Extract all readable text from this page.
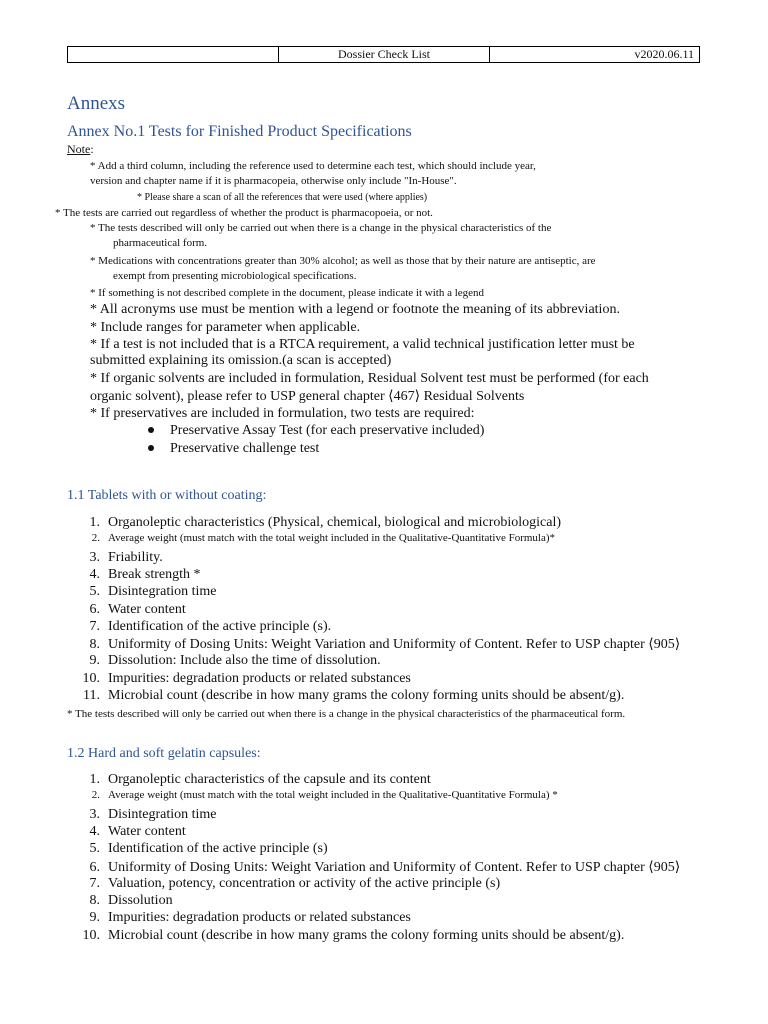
	Dossier Check List	v2020.06.11
Annexs
Annex No.1 Tests for Finished Product Specifications
Note:
* Add a third column, including the reference used to determine each test, which should include year,
version and chapter name if it is pharmacopeia, otherwise only include "In-House".
* Please share a scan of all the references that were used (where applies)
* The tests are carried out regardless of whether the product is pharmacopoeia, or not.
* The tests described will only be carried out when there is a change in the physical characteristics of the
pharmaceutical form.
* Medications with concentrations greater than 30% alcohol; as well as those that by their nature are antiseptic, are
exempt from presenting microbiological specifications.
* If something is not described complete in the document, please indicate it with a legend
* All acronyms use must be mention with a legend or footnote the meaning of its abbreviation.
* Include ranges for parameter when applicable.
* If a test is not included that is a RTCA requirement, a valid technical justification letter must be
submitted explaining its omission.(a scan is accepted)
* If organic solvents are included in formulation, Residual Solvent test must be performed (for each
organic solvent), please refer to USP general chapter ⟨467⟩ Residual Solvents
* If preservatives are included in formulation, two tests are required:
Preservative Assay Test (for each preservative included)
Preservative challenge test
1.1 Tablets with or without coating:
1. Organoleptic characteristics (Physical, chemical, biological and microbiological)
2. Average weight (must match with the total weight included in the Qualitative-Quantitative Formula)*
3. Friability.
4. Break strength *
5. Disintegration time
6. Water content
7. Identification of the active principle (s).
8. Uniformity of Dosing Units: Weight Variation and Uniformity of Content. Refer to USP chapter ⟨905⟩
9. Dissolution: Include also the time of dissolution.
10. Impurities: degradation products or related substances
11. Microbial count (describe in how many grams the colony forming units should be absent/g).
* The tests described will only be carried out when there is a change in the physical characteristics of the pharmaceutical form.
1.2 Hard and soft gelatin capsules:
1. Organoleptic characteristics of the capsule and its content
2. Average weight (must match with the total weight included in the Qualitative-Quantitative Formula) *
3. Disintegration time
4. Water content
5. Identification of the active principle (s)
6. Uniformity of Dosing Units: Weight Variation and Uniformity of Content. Refer to USP chapter ⟨905⟩
7. Valuation, potency, concentration or activity of the active principle (s)
8. Dissolution
9. Impurities: degradation products or related substances
10. Microbial count (describe in how many grams the colony forming units should be absent/g).
